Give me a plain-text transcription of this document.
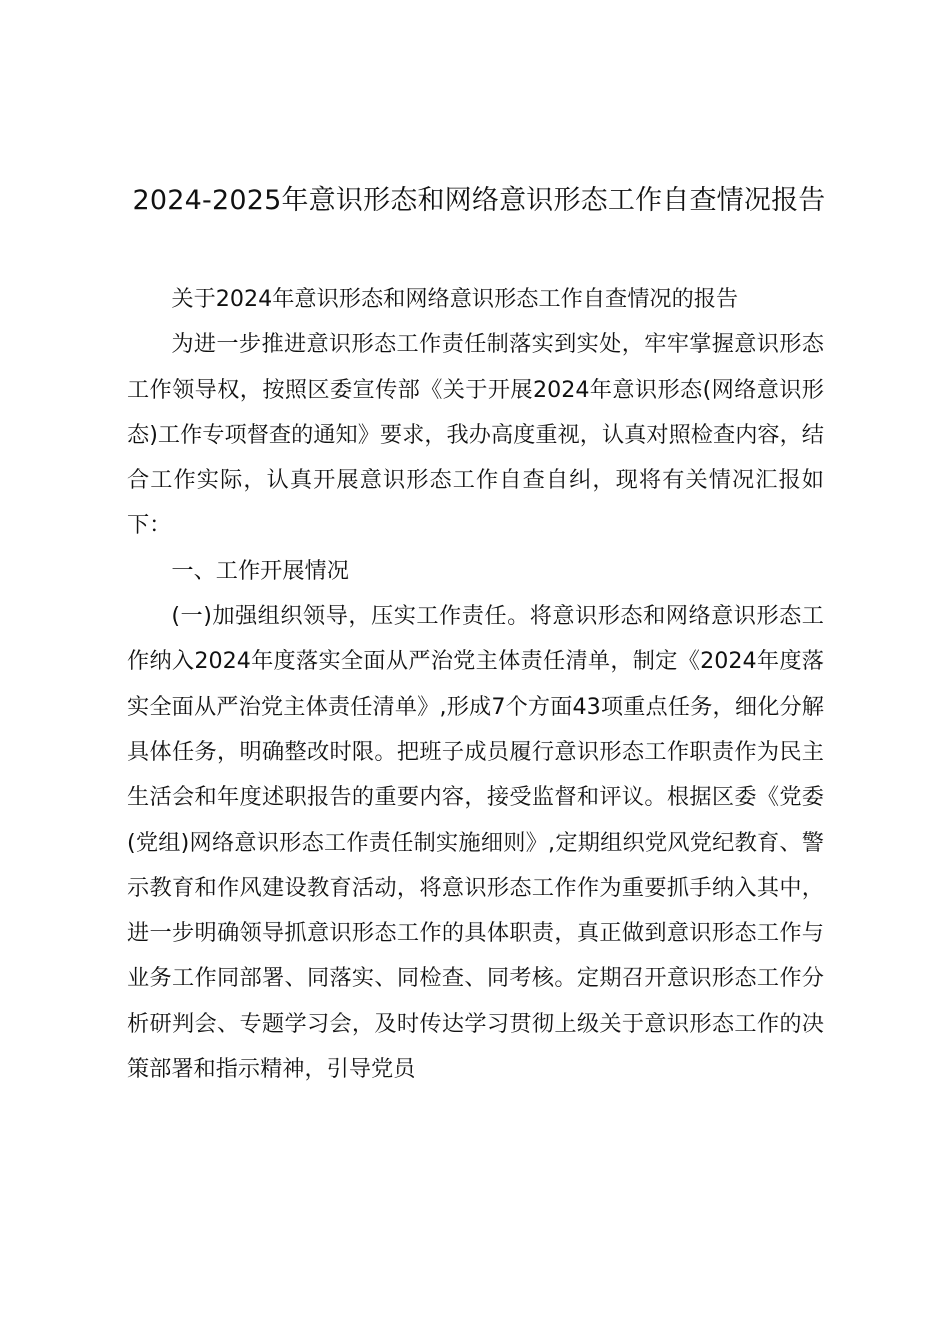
2024-2025年意识形态和网络意识形态工作自查情况报告

关于2024年意识形态和网络意识形态工作自查情况的报告

为进一步推进意识形态工作责任制落实到实处，牢牢掌握意识形态工作领导权，按照区委宣传部《关于开展2024年意识形态(网络意识形态)工作专项督查的通知》要求，我办高度重视，认真对照检查内容，结合工作实际，认真开展意识形态工作自查自纠，现将有关情况汇报如下：

一、工作开展情况

(一)加强组织领导，压实工作责任。将意识形态和网络意识形态工作纳入2024年度落实全面从严治党主体责任清单，制定《2024年度落实全面从严治党主体责任清单》,形成7个方面43项重点任务，细化分解具体任务，明确整改时限。把班子成员履行意识形态工作职责作为民主生活会和年度述职报告的重要内容，接受监督和评议。根据区委《党委(党组)网络意识形态工作责任制实施细则》,定期组织党风党纪教育、警示教育和作风建设教育活动，将意识形态工作作为重要抓手纳入其中，进一步明确领导抓意识形态工作的具体职责，真正做到意识形态工作与业务工作同部署、同落实、同检查、同考核。定期召开意识形态工作分析研判会、专题学习会，及时传达学习贯彻上级关于意识形态工作的决策部署和指示精神，引导党员
